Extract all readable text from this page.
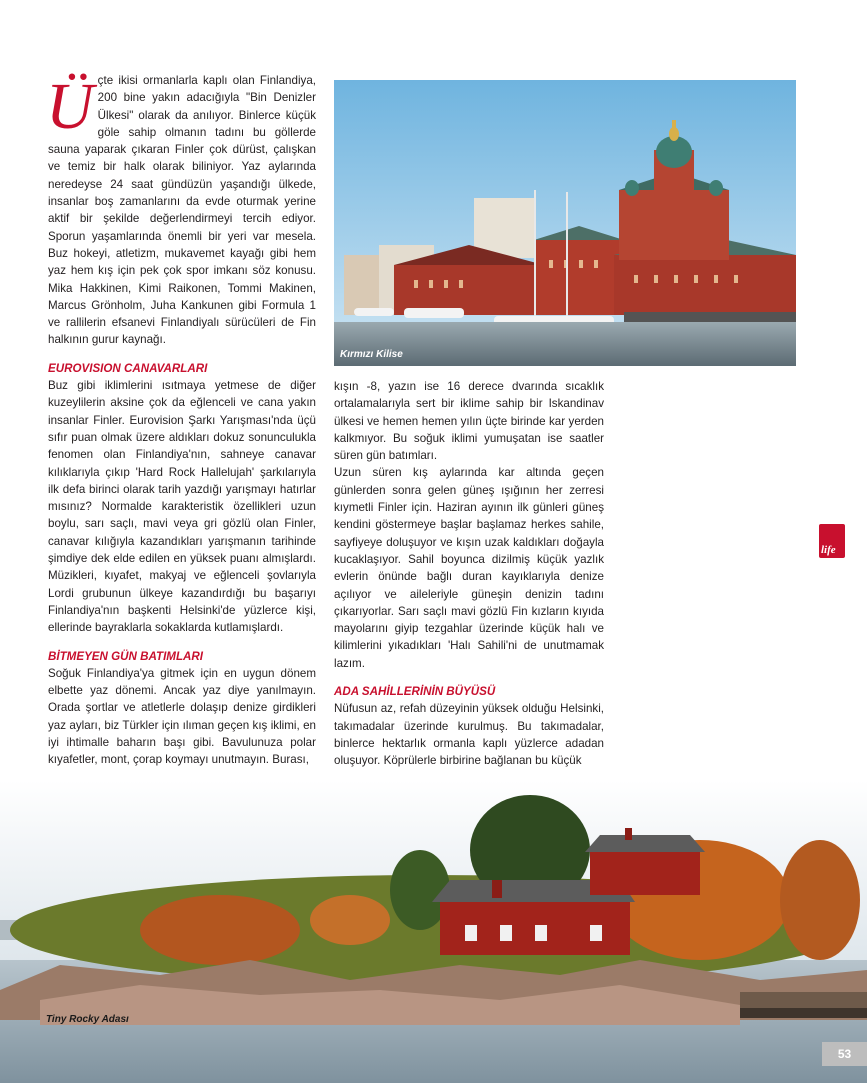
Ü çte ikisi ormanlarla kaplı olan Finlandiya, 200 bine yakın adacığıyla "Bin Denizler Ülkesi" olarak da anılıyor. Binlerce küçük göle sahip olmanın tadını bu göllerde sauna yaparak çıkaran Finler çok dürüst, çalışkan ve temiz bir halk olarak biliniyor. Yaz aylarında neredeyse 24 saat gündüzün yaşandığı ülkede, insanlar boş zamanlarını da evde oturmak yerine aktif bir şekilde değerlendirmeyi tercih ediyor. Sporun yaşamlarında önemli bir yeri var mesela. Buz hokeyi, atletizm, mukavemet kayağı gibi hem yaz hem kış için pek çok spor imkanı söz konusu. Mika Hakkinen, Kimi Raikonen, Tommi Makinen, Marcus Grönholm, Juha Kankunen gibi Formula 1 ve rallilerin efsanevi Finlandiyalı sürücüleri de Fin halkının gurur kaynağı.

EUROVISION CANAVARLARI

Buz gibi iklimlerini ısıtmaya yetmese de diğer kuzeylilerin aksine çok da eğlenceli ve cana yakın insanlar Finler. Eurovision Şarkı Yarışması'nda üçü sıfır puan olmak üzere aldıkları dokuz sonunculukla fenomen olan Finlandiya'nın, sahneye canavar kılıklarıyla çıkıp 'Hard Rock Hallelujah' şarkılarıyla ilk defa birinci olarak tarih yazdığı yarışmayı hatırlar mısınız? Normalde karakteristik özellikleri uzun boylu, sarı saçlı, mavi veya gri gözlü olan Finler, canavar kılığıyla kazandıkları yarışmanın tarihinde şimdiye dek elde edilen en yüksek puanı almışlardı. Müzikleri, kıyafet, makyaj ve eğlenceli şovlarıyla Lordi grubunun ülkeye kazandırdığı bu başarıyı Finlandiya'nın başkenti Helsinki'de yüzlerce kişi, ellerinde bayraklarla sokaklarda kutlamışlardı.

BİTMEYEN GÜN BATIMLARI

Soğuk Finlandiya'ya gitmek için en uygun dönem elbette yaz dönemi. Ancak yaz diye yanılmayın. Orada şortlar ve atletlerle dolaşıp denize girdikleri yaz ayları, biz Türkler için ılıman geçen kış iklimi, en iyi ihtimalle baharın başı gibi. Bavulunuza polar kıyafetler, mont, çorap koymayı unutmayın. Burası,

Kırmızı Kilise

kışın -8, yazın ise 16 derece dvarında sıcaklık ortalamalarıyla sert bir iklime sahip bir Iskandinav ülkesi ve hemen hemen yılın üçte birinde kar yerden kalkmıyor. Bu soğuk iklimi yumuşatan ise saatler süren gün batımları.

Uzun süren kış aylarında kar altında geçen günlerden sonra gelen güneş ışığının her zerresi kıymetli Finler için. Haziran ayının ilk günleri güneş kendini göstermeye başlar başlamaz herkes sahile, sayfiyeye doluşuyor ve kışın uzak kaldıkları doğayla kucaklaşıyor. Sahil boyunca dizilmiş küçük yazlık evlerin önünde bağlı duran kayıklarıyla denize açılıyor ve aileleriyle güneşin denizin tadını çıkarıyorlar. Sarı saçlı mavi gözlü Fin kızların kıyıda mayolarını giyip tezgahlar üzerinde küçük halı ve kilimlerini yıkadıkları 'Halı Sahili'ni de unutmamak lazım.

ADA SAHİLLERİNİN BÜYÜSÜ

Nüfusun az, refah düzeyinin yüksek olduğu Helsinki, takımadalar üzerinde kurulmuş. Bu takımadalar, binlerce hektarlık ormanla kaplı yüzlerce adadan oluşuyor. Köprülerle birbirine bağlanan bu küçük

life
Tiny Rocky Adası
53
